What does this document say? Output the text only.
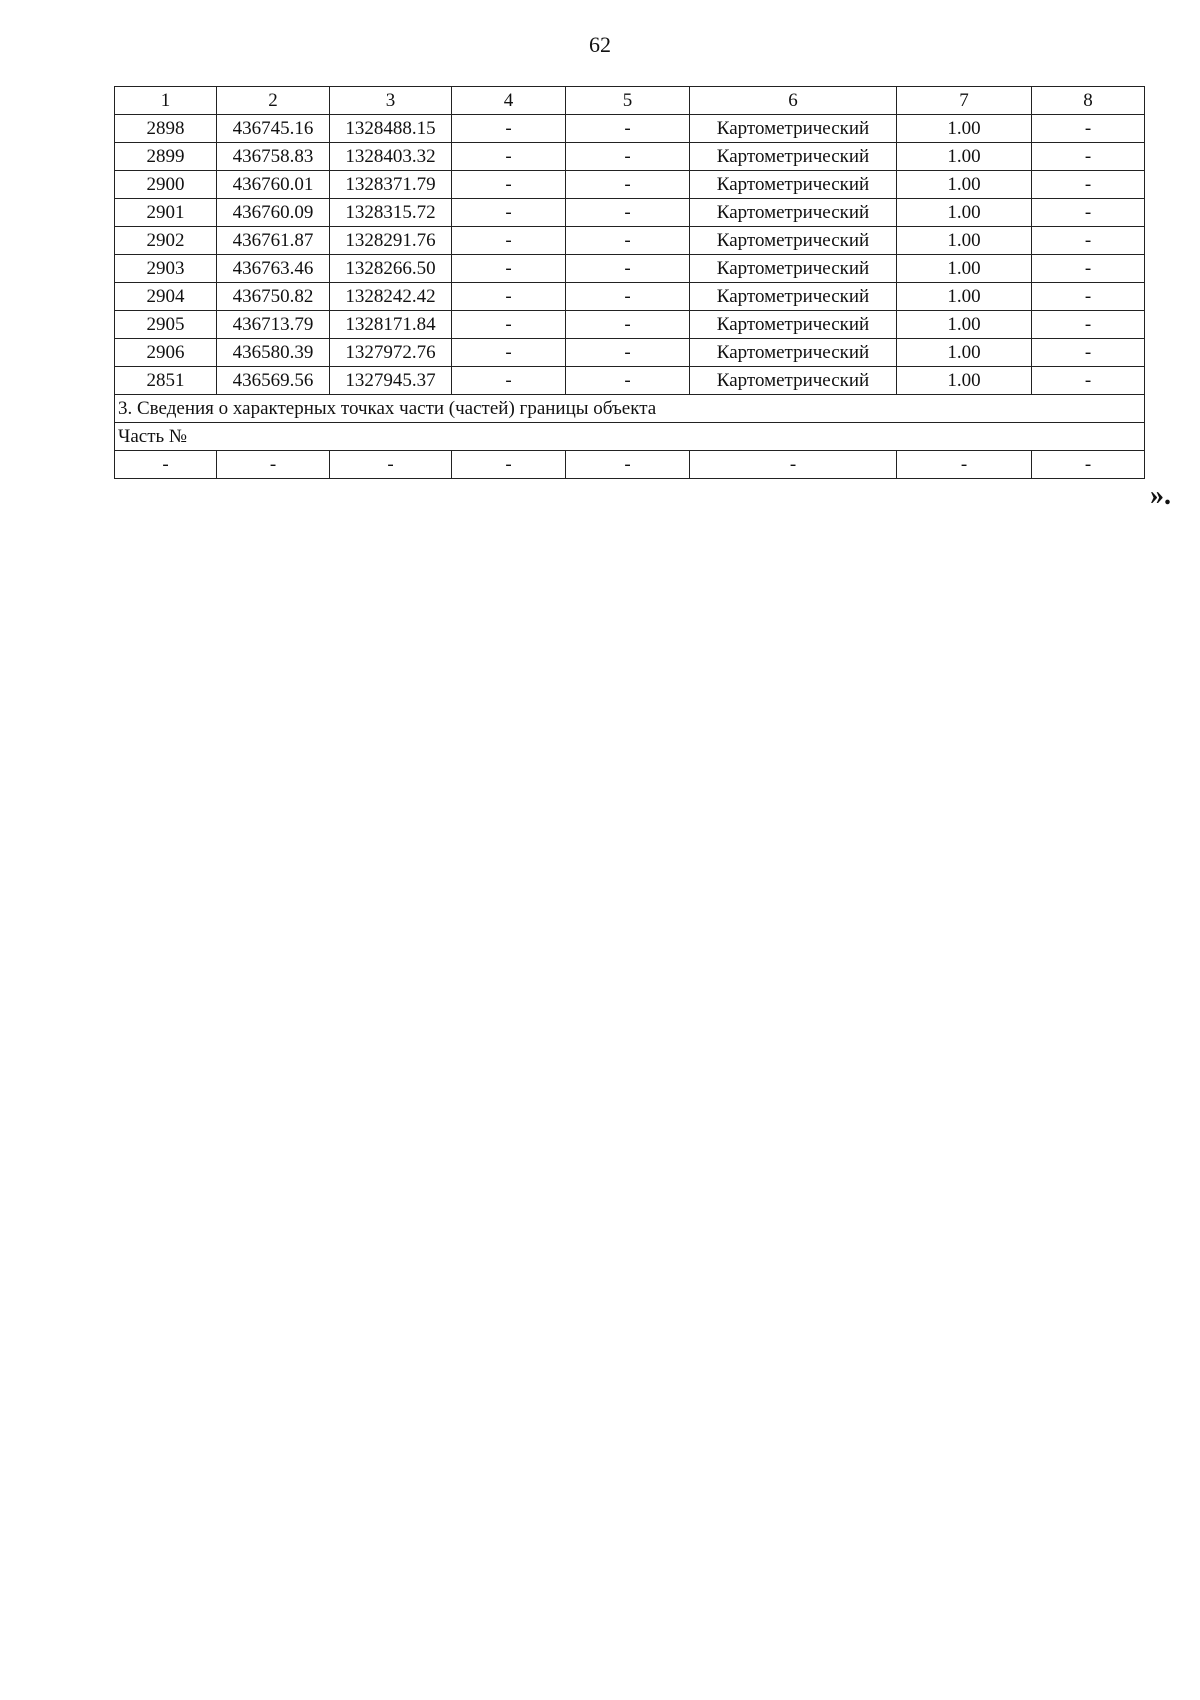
62
1	2	3	4	5	6	7	8
2898	436745.16	1328488.15	-	-	Картометрический	1.00	-
2899	436758.83	1328403.32	-	-	Картометрический	1.00	-
2900	436760.01	1328371.79	-	-	Картометрический	1.00	-
2901	436760.09	1328315.72	-	-	Картометрический	1.00	-
2902	436761.87	1328291.76	-	-	Картометрический	1.00	-
2903	436763.46	1328266.50	-	-	Картометрический	1.00	-
2904	436750.82	1328242.42	-	-	Картометрический	1.00	-
2905	436713.79	1328171.84	-	-	Картометрический	1.00	-
2906	436580.39	1327972.76	-	-	Картометрический	1.00	-
2851	436569.56	1327945.37	-	-	Картометрический	1.00	-
3. Сведения о характерных точках части (частей) границы объекта							
Часть №							
-	-	-	-	-	-	-	-
».
